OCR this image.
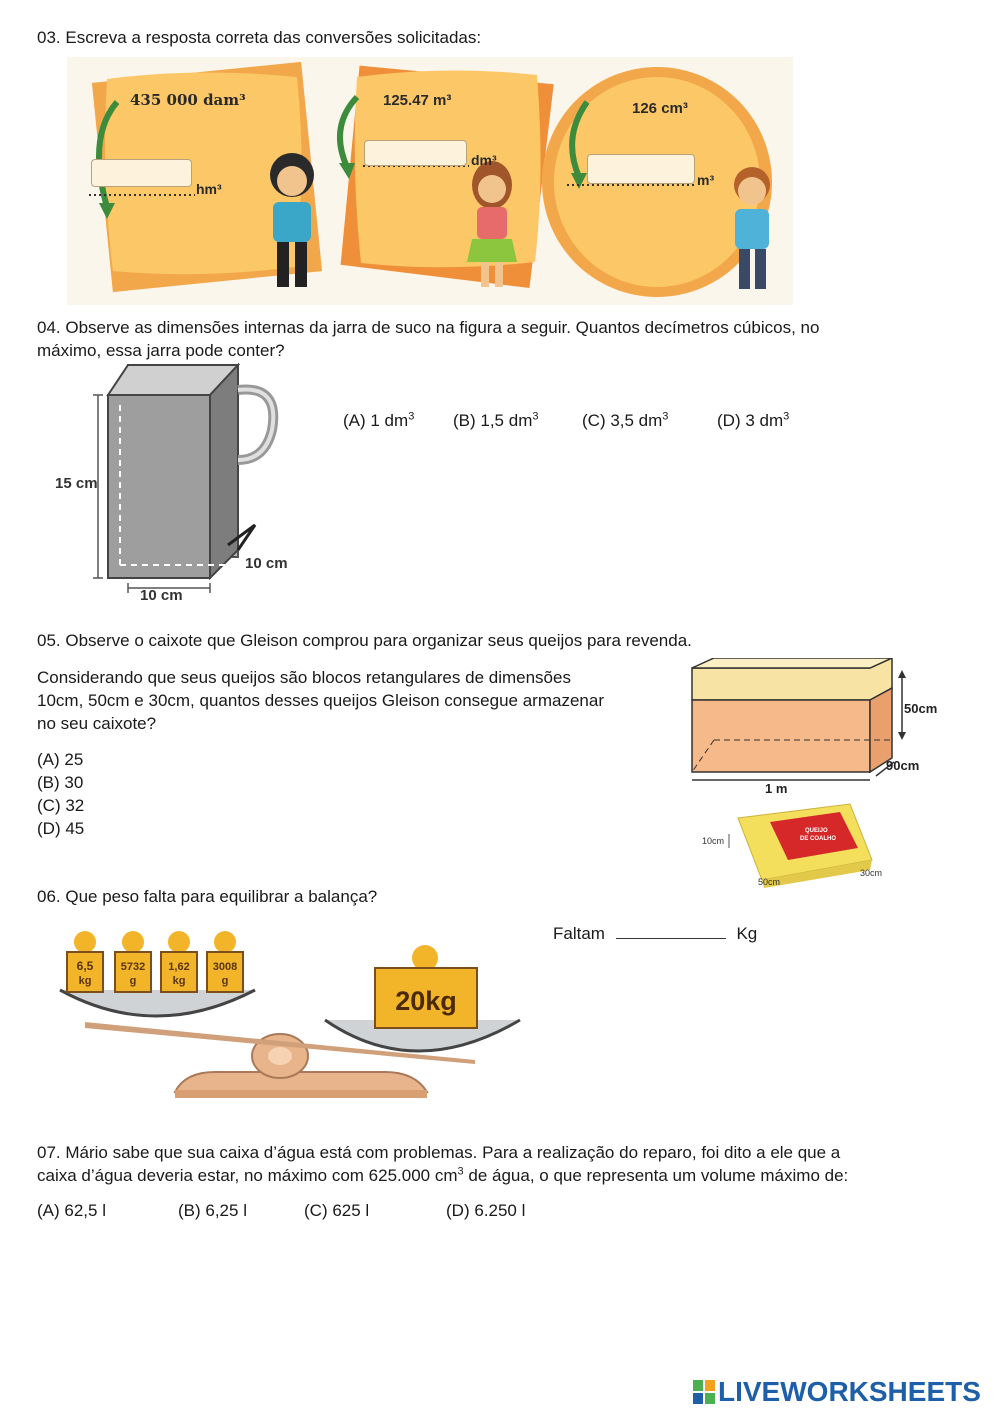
03. Escreva a resposta correta das conversões solicitadas:
435 000 dam³	125.47 m³	126 cm³
hm³
dm³
m³
04. Observe as dimensões internas da jarra de suco na figura a seguir. Quantos decímetros cúbicos, no
máximo, essa jarra pode conter?
15 cm
10 cm
10 cm
(A) 1 $dm^3$ (B) 1,5 $dm^3$	(C) 3,5 $dm^3$	(D) 3 $dm^3$
05. Observe o caixote que Gleison comprou para organizar seus queijos para revenda.
Considerando que seus queijos são blocos retangulares de dimensões
10cm, 50cm e 30cm, quantos desses queijos Gleison consegue armazenar
no seu caixote?
(A) 25
(B) 30
(C) 32
(D) 45
50cm
90cm
1 m
QUEIJO
DE COALHO
10cm
50cm
30cm
06. Que peso falta para equilibrar a balança?
6,5
kg
5732
g
1,62
kg
3008
g
20kg
Faltam	Kg
07. Mário sabe que sua caixa d’água está com problemas. Para a realização do reparo, foi dito a ele que a
caixa d’água deveria estar, no máximo com 625.000 $cm^3$ de água, o que representa um volume máximo de:
(A) 62,5 l	(B) 6,25 l	(C) 625 l	(D) 6.250 l
LIVEWORKSHEETS
